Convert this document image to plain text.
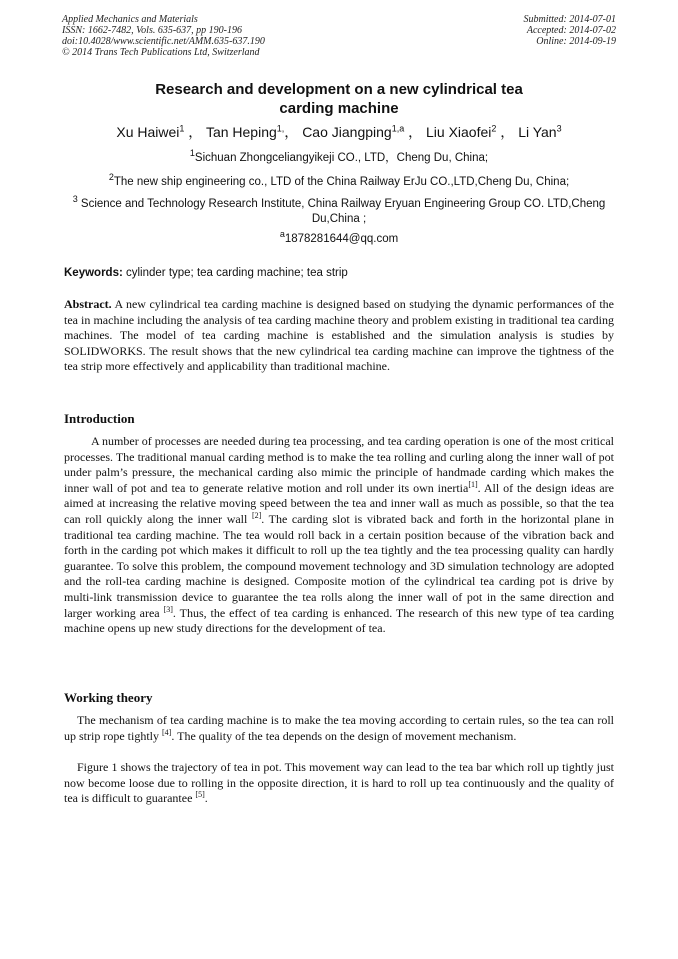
Applied Mechanics and Materials
ISSN: 1662-7482, Vols. 635-637, pp 190-196
doi:10.4028/www.scientific.net/AMM.635-637.190
© 2014 Trans Tech Publications Ltd, Switzerland
Submitted: 2014-07-01
Accepted: 2014-07-02
Online: 2014-09-19
Research and development on a new cylindrical tea
carding machine
Xu Haiwei$^1$ ， Tan Heping$^{1,}$， Cao Jiangping$^{1,a}$ ， Liu Xiaofei$^2$ ， Li Yan$^3$
$^1$Sichuan Zhongceliangyikeji CO., LTD，Cheng Du, China;
$^2$The new ship engineering co., LTD of the China Railway ErJu CO.,LTD,Cheng Du, China;
$^3$ Science and Technology Research Institute, China Railway Eryuan Engineering Group CO. LTD,Cheng Du,China ;
$^a$1878281644@qq.com
Keywords: cylinder type; tea carding machine; tea strip
Abstract. A new cylindrical tea carding machine is designed based on studying the dynamic performances of the tea in machine including the analysis of tea carding machine theory and problem existing in traditional tea carding machines. The model of tea carding machine is established and the simulation analysis is studies by SOLIDWORKS. The result shows that the new cylindrical tea carding machine can improve the tightness of the tea strip more effectively and applicability than traditional machine.
Introduction
A number of processes are needed during tea processing, and tea carding operation is one of the most critical processes. The traditional manual carding method is to make the tea rolling and curling along the inner wall of pot under palm’s pressure, the mechanical carding also mimic the principle of handmade carding which makes the inner wall of pot and tea to generate relative motion and roll under its own inertia[1]. All of the design ideas are aimed at increasing the relative moving speed between the tea and inner wall as much as possible, so that the tea can roll quickly along the inner wall [2]. The carding slot is vibrated back and forth in the horizontal plane in traditional tea carding machine. The tea would roll back in a certain position because of the vibration back and forth in the carding pot which makes it difficult to roll up the tea tightly and the tea processing quality can hardly guarantee. To solve this problem, the compound movement technology and 3D simulation technology are adopted and the roll-tea carding machine is designed. Composite motion of the cylindrical tea carding pot is drive by multi-link transmission device to guarantee the tea rolls along the inner wall of pot in the same direction and larger working area [3]. Thus, the effect of tea carding is enhanced. The research of this new type of tea carding machine opens up new study directions for the development of tea.
Working theory
The mechanism of tea carding machine is to make the tea moving according to certain rules, so the tea can roll up strip rope tightly [4]. The quality of the tea depends on the design of movement mechanism.
Figure 1 shows the trajectory of tea in pot. This movement way can lead to the tea bar which roll up tightly just now become loose due to rolling in the opposite direction, it is hard to roll up tea continuously and the quality of tea is difficult to guarantee [5].
